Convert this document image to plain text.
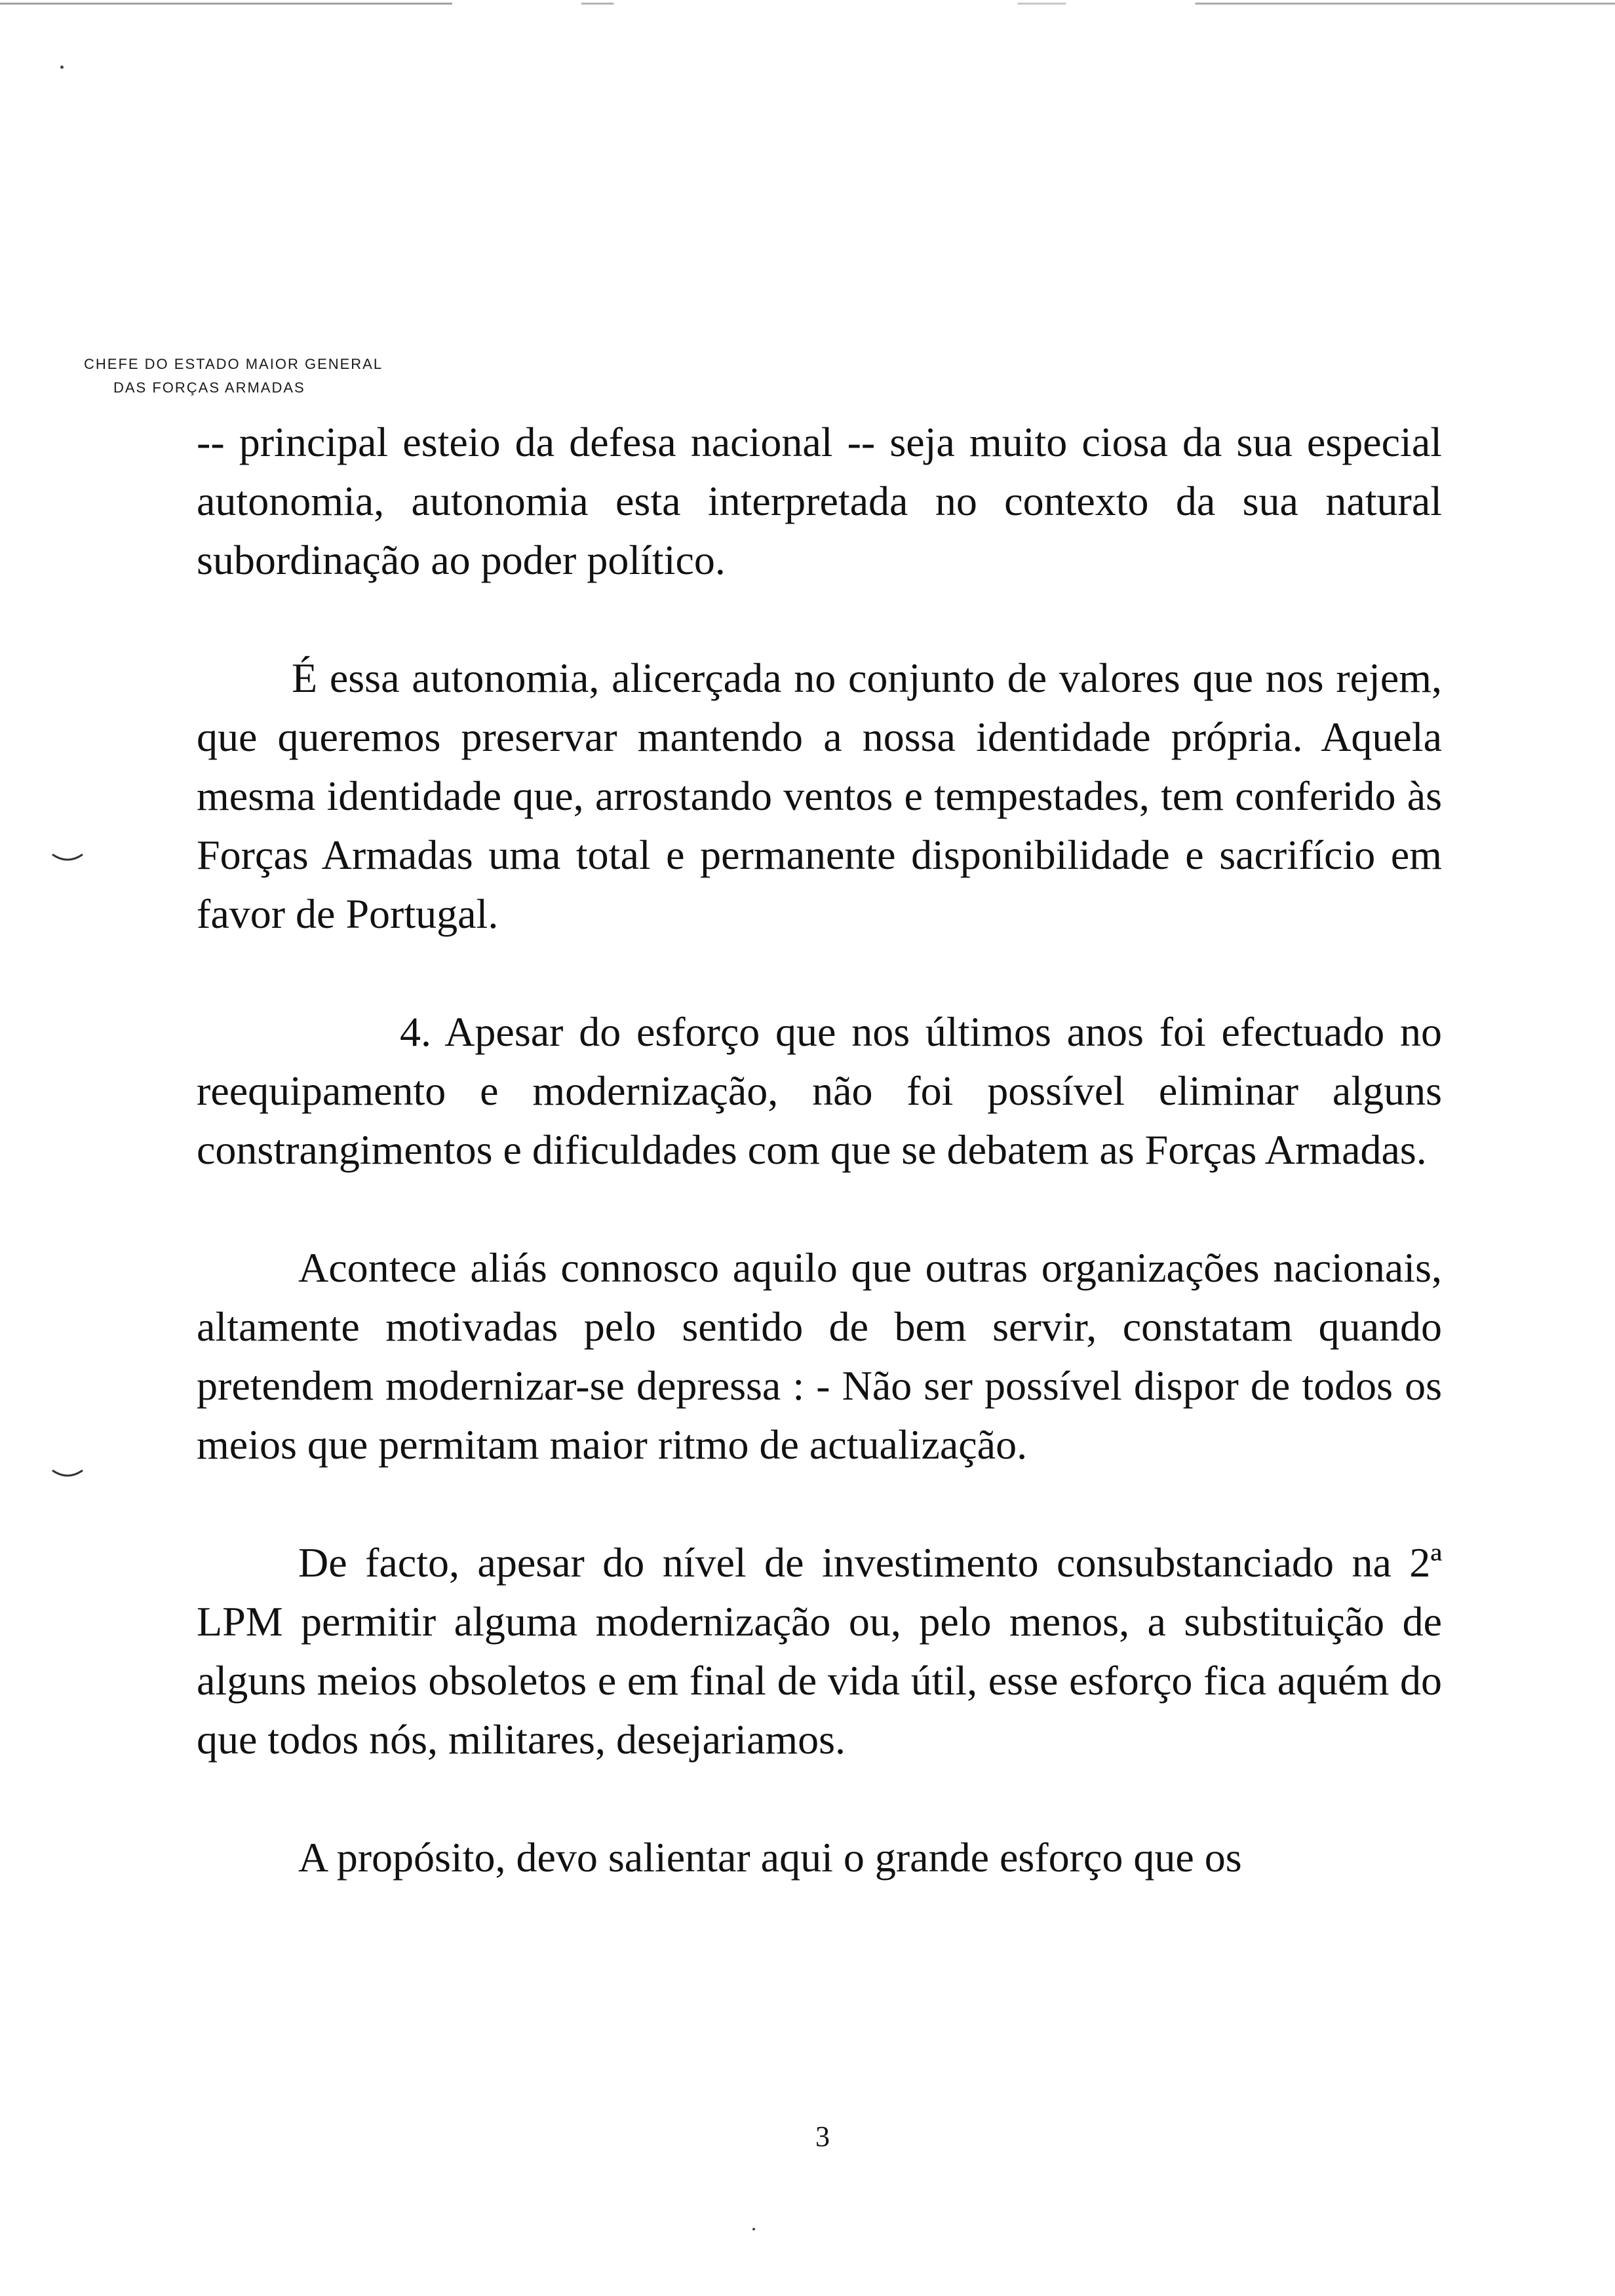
CHEFE DO ESTADO MAIOR GENERAL
DAS FORÇAS ARMADAS

-- principal esteio da defesa nacional -- seja muito ciosa da sua especial autonomia, autonomia esta interpretada no contexto da sua natural subordinação ao poder político.

É essa autonomia, alicerçada no conjunto de valores que nos rejem, que queremos preservar mantendo a nossa identidade própria. Aquela mesma identidade que, arrostando ventos e tempestades, tem conferido às Forças Armadas uma total e permanente disponibilidade e sacrifício em favor de Portugal.

4. Apesar do esforço que nos últimos anos foi efectuado no reequipamento e modernização, não foi possível eliminar alguns constrangimentos e dificuldades com que se debatem as Forças Armadas.

Acontece aliás connosco aquilo que outras organizações nacionais, altamente motivadas pelo sentido de bem servir, constatam quando pretendem modernizar-se depressa : - Não ser possível dispor de todos os meios que permitam maior ritmo de actualização.

De facto, apesar do nível de investimento consubstanciado na 2ª LPM permitir alguma modernização ou, pelo menos, a substituição de alguns meios obsoletos e em final de vida útil, esse esforço fica aquém do que todos nós, militares, desejariamos.

A propósito, devo salientar aqui o grande esforço que os

3
